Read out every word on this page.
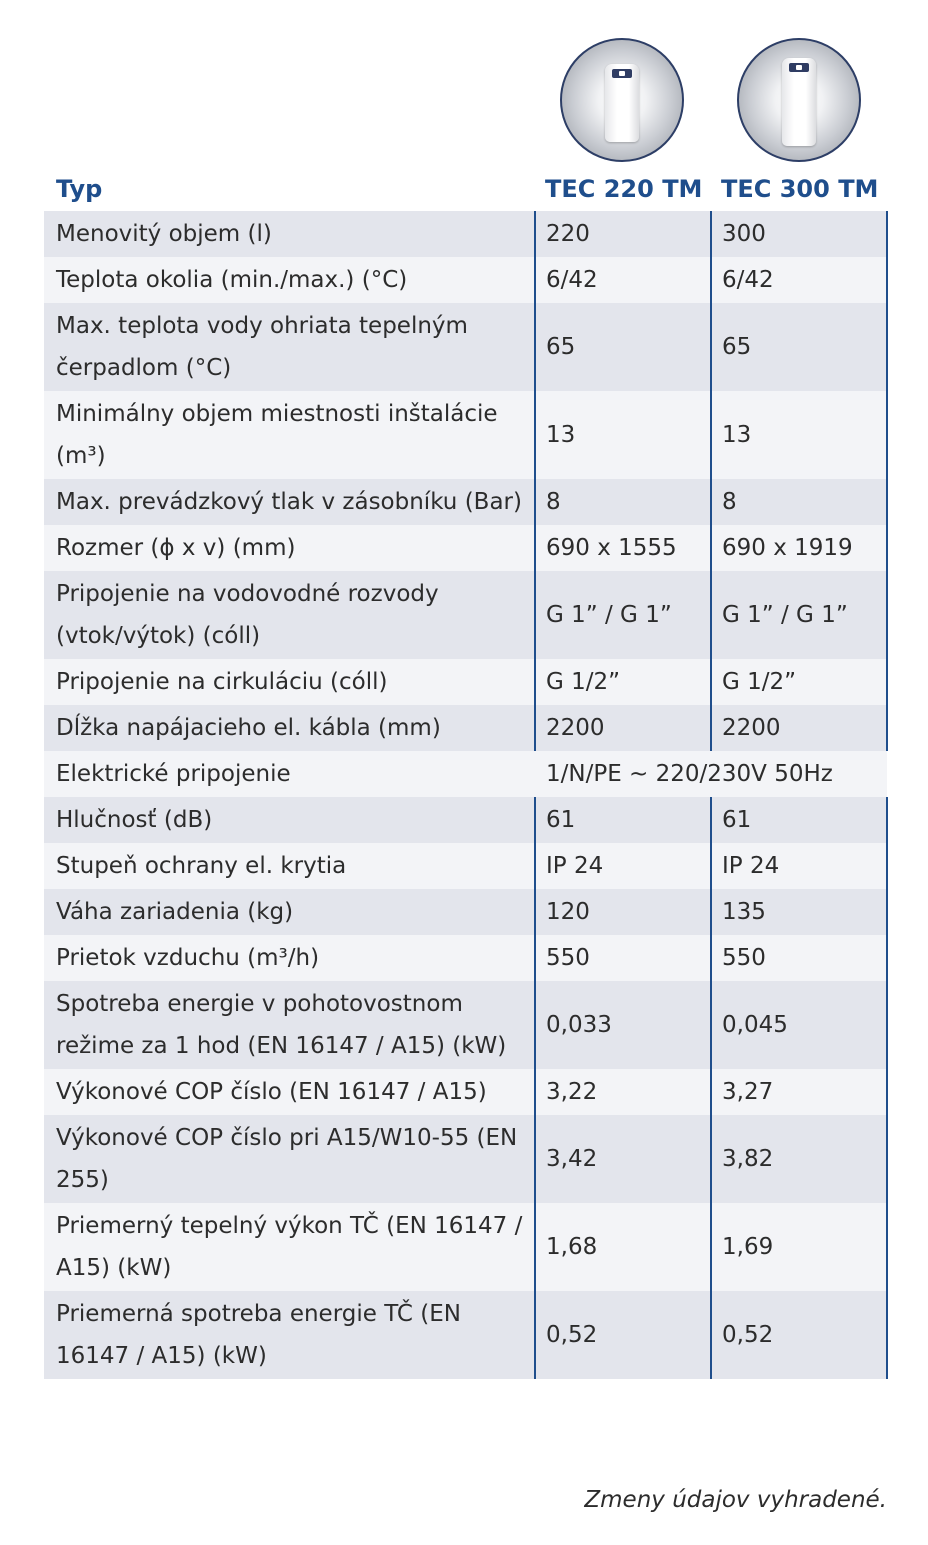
Typ	TEC 220 TM	TEC 300 TM
Menovitý objem (l)	220	300
Teplota okolia (min./max.) (°C)	6/42	6/42
Max. teplota vody ohriata tepelným čerpadlom (°C)	65	65
Minimálny objem miestnosti inštalácie (m³)	13	13
Max. prevádzkový tlak v zásobníku (Bar)	8	8
Rozmer (ϕ x v) (mm)	690 x 1555	690 x 1919
Pripojenie na vodovodné rozvody (vtok/výtok) (cóll)	G 1” / G 1”	G 1” / G 1”
Pripojenie na cirkuláciu (cóll)	G 1/2”	G 1/2”
Dĺžka napájacieho el. kábla (mm)	2200	2200
Elektrické pripojenie	1/N/PE ~ 220/230V 50Hz	
Hlučnosť (dB)	61	61
Stupeň ochrany el. krytia	IP 24	IP 24
Váha zariadenia (kg)	120	135
Prietok vzduchu (m³/h)	550	550
Spotreba energie v pohotovostnom režime za 1 hod (EN 16147 / A15) (kW)	0,033	0,045
Výkonové COP číslo (EN 16147 / A15)	3,22	3,27
Výkonové COP číslo pri A15/W10-55 (EN 255)	3,42	3,82
Priemerný tepelný výkon TČ (EN 16147 / A15) (kW)	1,68	1,69
Priemerná spotreba energie TČ (EN 16147 / A15) (kW)	0,52	0,52
Zmeny údajov vyhradené.
